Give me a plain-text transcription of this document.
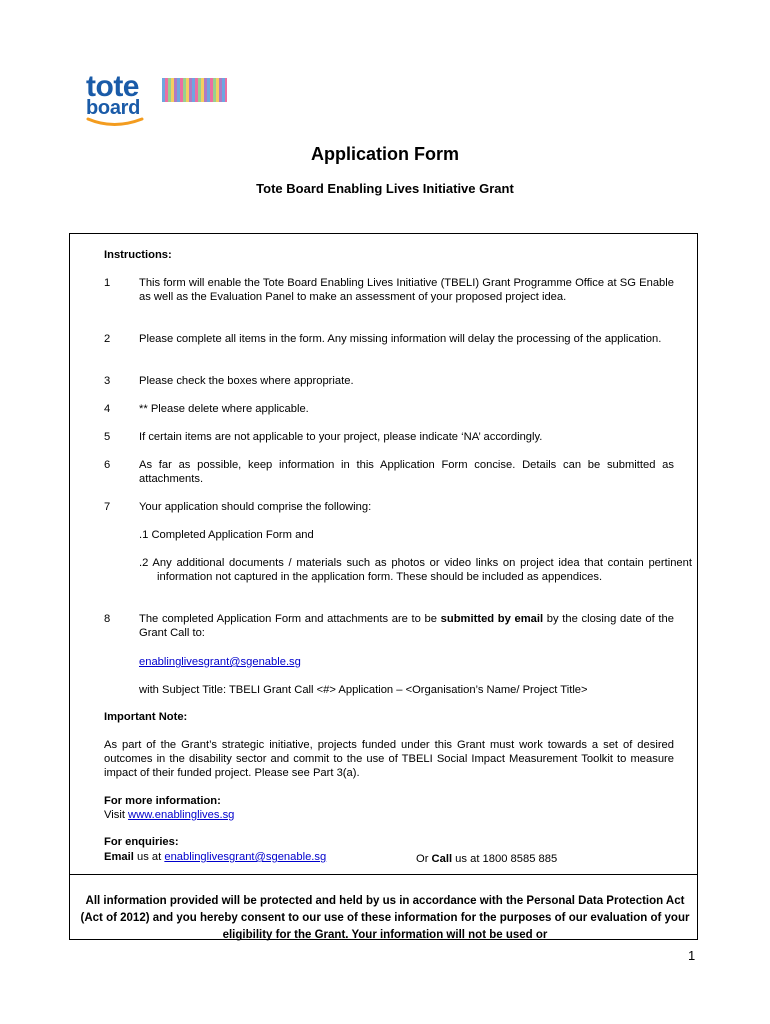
tote
board
Application Form
Tote Board Enabling Lives Initiative Grant
Instructions:
1	This form will enable the Tote Board Enabling Lives Initiative (TBELI) Grant Programme Office at SG Enable as well as the Evaluation Panel to make an assessment of your proposed project idea.
2	Please complete all items in the form. Any missing information will delay the processing of the application.
3	Please check the boxes where appropriate.
4	** Please delete where applicable.
5	If certain items are not applicable to your project, please indicate ‘NA’ accordingly.
6	As far as possible, keep information in this Application Form concise. Details can be submitted as attachments.
7	Your application should comprise the following:
.1 Completed Application Form and
.2 Any additional documents / materials such as photos or video links on project idea that contain pertinent information not captured in the application form. These should be included as appendices.
8	The completed Application Form and attachments are to be submitted by email by the closing date of the Grant Call to:
enablinglivesgrant@sgenable.sg
with Subject Title: TBELI Grant Call <#> Application – <Organisation’s Name/ Project Title>
Important Note:
As part of the Grant’s strategic initiative, projects funded under this Grant must work towards a set of desired outcomes in the disability sector and commit to the use of TBELI Social Impact Measurement Toolkit to measure impact of their funded project. Please see Part 3(a).
For more information:
Visit www.enablinglives.sg
For enquiries:
Email us at enablinglivesgrant@sgenable.sg	Or Call us at 1800 8585 885
All information provided will be protected and held by us in accordance with the Personal Data Protection Act (Act of 2012) and you hereby consent to our use of these information for the purposes of our evaluation of your eligibility for the Grant. Your information will not be used or
1
